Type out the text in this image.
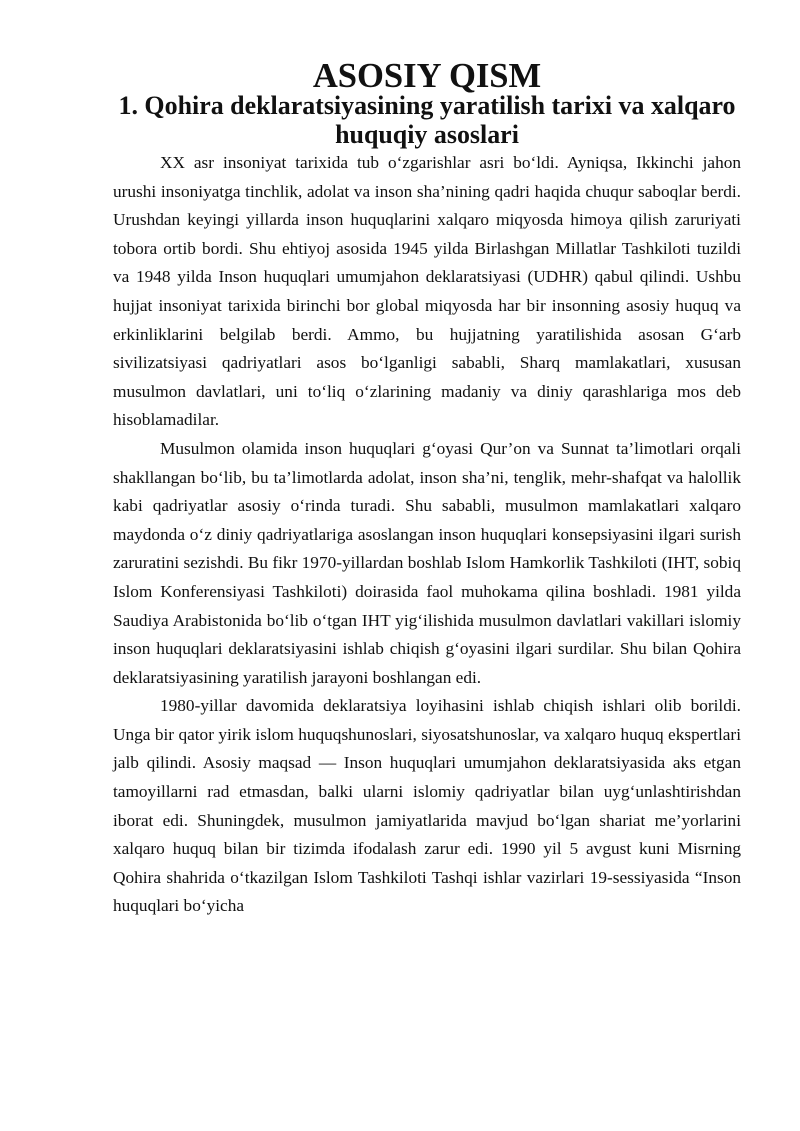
ASOSIY QISM
1. Qohira deklaratsiyasining yaratilish tarixi va xalqaro huquqiy asoslari

XX asr insoniyat tarixida tub o‘zgarishlar asri bo‘ldi. Ayniqsa, Ikkinchi jahon urushi insoniyatga tinchlik, adolat va inson sha’nining qadri haqida chuqur saboqlar berdi. Urushdan keyingi yillarda inson huquqlarini xalqaro miqyosda himoya qilish zaruriyati tobora ortib bordi. Shu ehtiyoj asosida 1945 yilda Birlashgan Millatlar Tashkiloti tuzildi va 1948 yilda Inson huquqlari umumjahon deklaratsiyasi (UDHR) qabul qilindi. Ushbu hujjat insoniyat tarixida birinchi bor global miqyosda har bir insonning asosiy huquq va erkinliklarini belgilab berdi. Ammo, bu hujjatning yaratilishida asosan G‘arb sivilizatsiyasi qadriyatlari asos bo‘lganligi sababli, Sharq mamlakatlari, xususan musulmon davlatlari, uni to‘liq o‘zlarining madaniy va diniy qarashlariga mos deb hisoblamadilar.

Musulmon olamida inson huquqlari g‘oyasi Qur’on va Sunnat ta’limotlari orqali shakllangan bo‘lib, bu ta’limotlarda adolat, inson sha’ni, tenglik, mehr-shafqat va halollik kabi qadriyatlar asosiy o‘rinda turadi. Shu sababli, musulmon mamlakatlari xalqaro maydonda o‘z diniy qadriyatlariga asoslangan inson huquqlari konsepsiyasini ilgari surish zaruratini sezishdi. Bu fikr 1970-yillardan boshlab Islom Hamkorlik Tashkiloti (IHT, sobiq Islom Konferensiyasi Tashkiloti) doirasida faol muhokama qilina boshladi. 1981 yilda Saudiya Arabistonida bo‘lib o‘tgan IHT yig‘ilishida musulmon davlatlari vakillari islomiy inson huquqlari deklaratsiyasini ishlab chiqish g‘oyasini ilgari surdilar. Shu bilan Qohira deklaratsiyasining yaratilish jarayoni boshlangan edi.

1980-yillar davomida deklaratsiya loyihasini ishlab chiqish ishlari olib borildi. Unga bir qator yirik islom huquqshunoslari, siyosatshunoslar, va xalqaro huquq ekspertlari jalb qilindi. Asosiy maqsad — Inson huquqlari umumjahon deklaratsiyasida aks etgan tamoyillarni rad etmasdan, balki ularni islomiy qadriyatlar bilan uyg‘unlashtirishdan iborat edi. Shuningdek, musulmon jamiyatlarida mavjud bo‘lgan shariat me’yorlarini xalqaro huquq bilan bir tizimda ifodalash zarur edi. 1990 yil 5 avgust kuni Misrning Qohira shahrida o‘tkazilgan Islom Tashkiloti Tashqi ishlar vazirlari 19-sessiyasida “Inson huquqlari bo‘yicha
